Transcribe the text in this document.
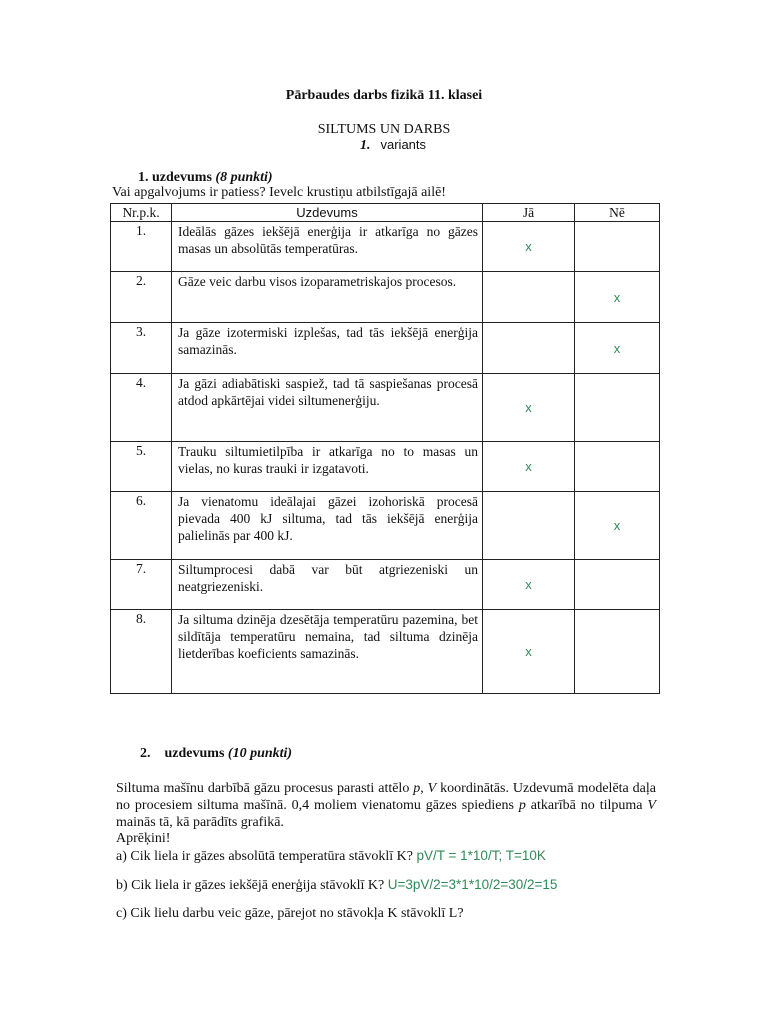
Pārbaudes darbs fizikā 11. klasei
SILTUMS UN DARBS
1. variants
1. uzdevums (8 punkti)
Vai apgalvojums ir patiess? Ievelc krustiņu atbilstīgajā ailē!
Nr.p.k.	Uzdevums	Jā	Nē
1.	Ideālās gāzes iekšējā enerģija ir atkarīga no gāzes masas un absolūtās temperatūras.	x	
2.	Gāze veic darbu visos izoparametriskajos procesos.		x
3.	Ja gāze izotermiski izplešas, tad tās iekšējā enerģija samazinās.		x
4.	Ja gāzi adiabātiski saspiež, tad tā saspiešanas procesā atdod apkārtējai videi siltumenerģiju.	x	
5.	Trauku siltumietilpība ir atkarīga no to masas un vielas, no kuras trauki ir izgatavoti.	x	
6.	Ja vienatomu ideālajai gāzei izohoriskā procesā pievada 400 kJ siltuma, tad tās iekšējā enerģija palielinās par 400 kJ.		x
7.	Siltumprocesi dabā var būt atgriezeniski un neatgriezeniski.	x	
8.	Ja siltuma dzinēja dzesētāja temperatūru pazemina, bet sildītāja temperatūru nemaina, tad siltuma dzinēja lietderības koeficients samazinās.	x	
2. uzdevums (10 punkti)
Siltuma mašīnu darbībā gāzu procesus parasti attēlo p, V koordinātās. Uzdevumā modelēta daļa no procesiem siltuma mašīnā. 0,4 moliem vienatomu gāzes spiediens p atkarībā no tilpuma V mainās tā, kā parādīts grafikā.
Aprēķini!
a) Cik liela ir gāzes absolūtā temperatūra stāvoklī K? pV/T = 1*10/T; T=10K
b) Cik liela ir gāzes iekšējā enerģija stāvoklī K? U=3pV/2=3*1*10/2=30/2=15
c) Cik lielu darbu veic gāze, pārejot no stāvokļa K stāvoklī L?
